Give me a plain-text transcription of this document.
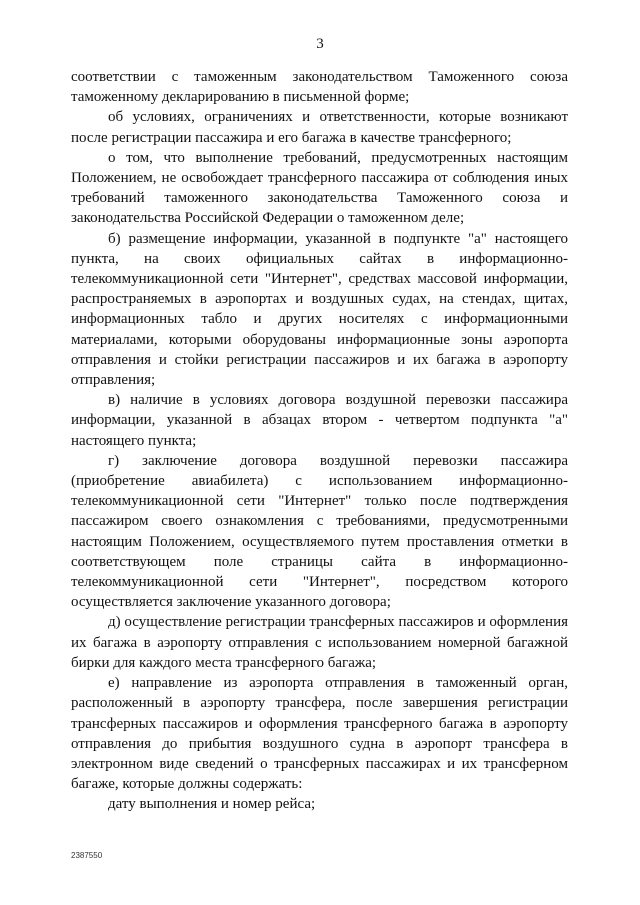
3

соответствии с таможенным законодательством Таможенного союза таможенному декларированию в письменной форме;

об условиях, ограничениях и ответственности, которые возникают после регистрации пассажира и его багажа в качестве трансферного;

о том, что выполнение требований, предусмотренных настоящим Положением, не освобождает трансферного пассажира от соблюдения иных требований таможенного законодательства Таможенного союза и законодательства Российской Федерации о таможенном деле;

б) размещение информации, указанной в подпункте "а" настоящего пункта, на своих официальных сайтах в информационно-телекоммуникационной сети "Интернет", средствах массовой информации, распространяемых в аэропортах и воздушных судах, на стендах, щитах, информационных табло и других носителях с информационными материалами, которыми оборудованы информационные зоны аэропорта отправления и стойки регистрации пассажиров и их багажа в аэропорту отправления;

в) наличие в условиях договора воздушной перевозки пассажира информации, указанной в абзацах втором - четвертом подпункта "а" настоящего пункта;

г) заключение договора воздушной перевозки пассажира (приобретение авиабилета) с использованием информационно-телекоммуникационной сети "Интернет" только после подтверждения пассажиром своего ознакомления с требованиями, предусмотренными настоящим Положением, осуществляемого путем проставления отметки в соответствующем поле страницы сайта в информационно-телекоммуникационной сети "Интернет", посредством которого осуществляется заключение указанного договора;

д) осуществление регистрации трансферных пассажиров и оформления их багажа в аэропорту отправления с использованием номерной багажной бирки для каждого места трансферного багажа;

е) направление из аэропорта отправления в таможенный орган, расположенный в аэропорту трансфера, после завершения регистрации трансферных пассажиров и оформления трансферного багажа в аэропорту отправления до прибытия воздушного судна в аэропорт трансфера в электронном виде сведений о трансферных пассажирах и их трансферном багаже, которые должны содержать:

дату выполнения и номер рейса;

2387550
